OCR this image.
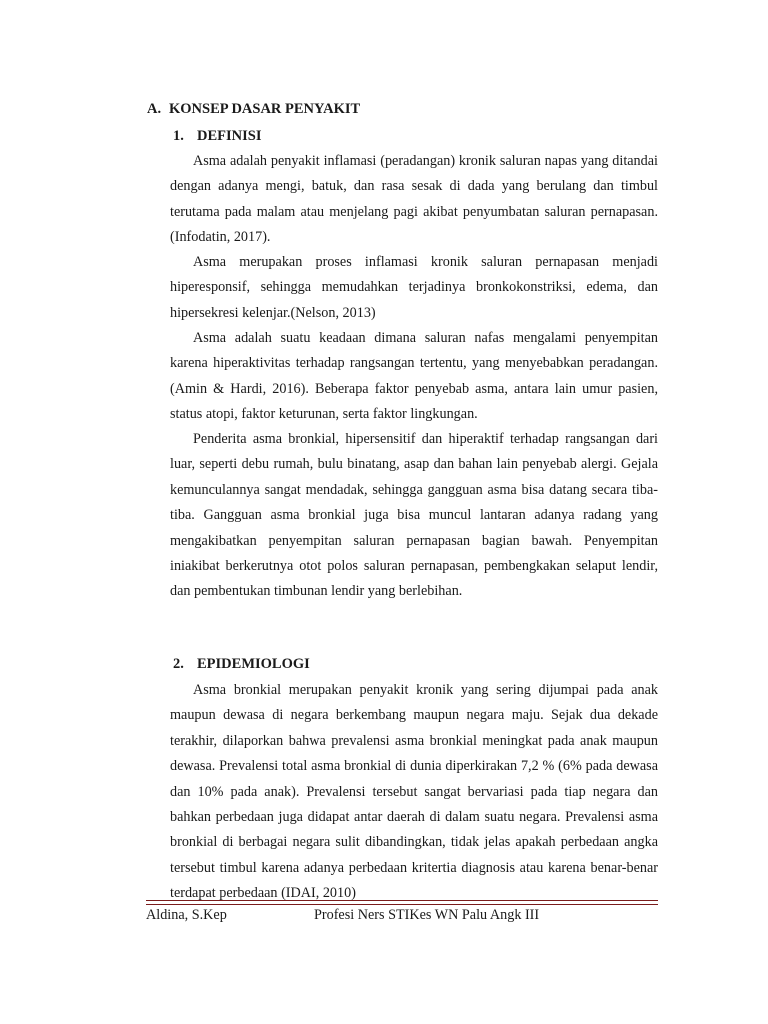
A. KONSEP DASAR PENYAKIT
1. DEFINISI

Asma adalah penyakit inflamasi (peradangan) kronik saluran napas yang ditandai dengan adanya mengi, batuk, dan rasa sesak di dada yang berulang dan timbul terutama pada malam atau menjelang pagi akibat penyumbatan saluran pernapasan. (Infodatin, 2017).

Asma merupakan proses inflamasi kronik saluran pernapasan menjadi hiperesponsif, sehingga memudahkan terjadinya bronkokonstriksi, edema, dan hipersekresi kelenjar.(Nelson, 2013)

Asma adalah suatu keadaan dimana saluran nafas mengalami penyempitan karena hiperaktivitas terhadap rangsangan tertentu, yang menyebabkan peradangan. (Amin & Hardi, 2016). Beberapa faktor penyebab asma, antara lain umur pasien, status atopi, faktor keturunan, serta faktor lingkungan.

Penderita asma bronkial, hipersensitif dan hiperaktif terhadap rangsangan dari luar, seperti debu rumah, bulu binatang, asap dan bahan lain penyebab alergi. Gejala kemunculannya sangat mendadak, sehingga gangguan asma bisa datang secara tiba-tiba. Gangguan asma bronkial juga bisa muncul lantaran adanya radang yang mengakibatkan penyempitan saluran pernapasan bagian bawah. Penyempitan iniakibat berkerutnya otot polos saluran pernapasan, pembengkakan selaput lendir, dan pembentukan timbunan lendir yang berlebihan.

2. EPIDEMIOLOGI

Asma bronkial merupakan penyakit kronik yang sering dijumpai pada anak maupun dewasa di negara berkembang maupun negara maju. Sejak dua dekade terakhir, dilaporkan bahwa prevalensi asma bronkial meningkat pada anak maupun dewasa. Prevalensi total asma bronkial di dunia diperkirakan 7,2 % (6% pada dewasa dan 10% pada anak). Prevalensi tersebut sangat bervariasi pada tiap negara dan bahkan perbedaan juga didapat antar daerah di dalam suatu negara. Prevalensi asma bronkial di berbagai negara sulit dibandingkan, tidak jelas apakah perbedaan angka tersebut timbul karena adanya perbedaan kritertia diagnosis atau karena benar-benar terdapat perbedaan (IDAI, 2010)

Aldina, S.Kep	Profesi Ners STIKes WN Palu Angk III
